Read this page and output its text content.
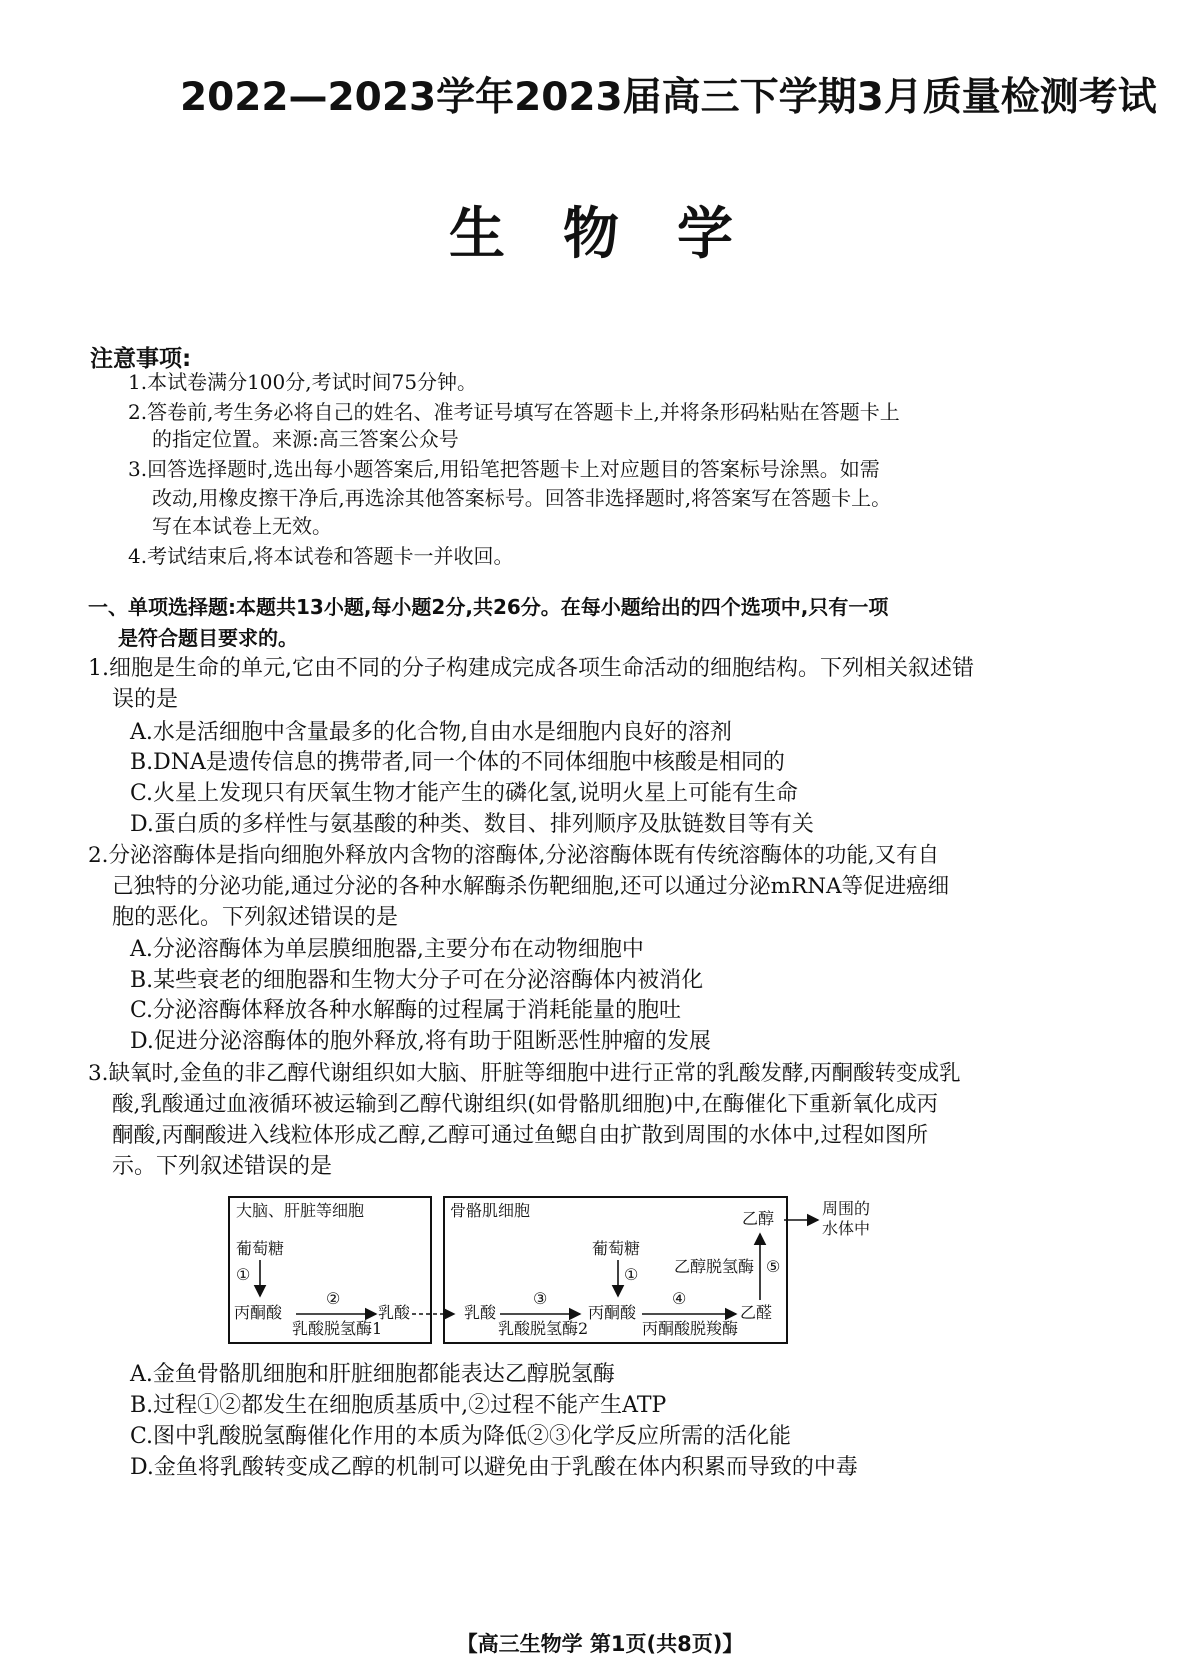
2022—2023学年2023届高三下学期3月质量检测考试
生物学
注意事项:
1.本试卷满分100分,考试时间75分钟。
2.答卷前,考生务必将自己的姓名、准考证号填写在答题卡上,并将条形码粘贴在答题卡上
的指定位置。来源:高三答案公众号
3.回答选择题时,选出每小题答案后,用铅笔把答题卡上对应题目的答案标号涂黑。如需
改动,用橡皮擦干净后,再选涂其他答案标号。回答非选择题时,将答案写在答题卡上。
写在本试卷上无效。
4.考试结束后,将本试卷和答题卡一并收回。
一、单项选择题:本题共13小题,每小题2分,共26分。在每小题给出的四个选项中,只有一项
是符合题目要求的。
1.细胞是生命的单元,它由不同的分子构建成完成各项生命活动的细胞结构。下列相关叙述错
误的是
A.水是活细胞中含量最多的化合物,自由水是细胞内良好的溶剂
B.DNA是遗传信息的携带者,同一个体的不同体细胞中核酸是相同的
C.火星上发现只有厌氧生物才能产生的磷化氢,说明火星上可能有生命
D.蛋白质的多样性与氨基酸的种类、数目、排列顺序及肽链数目等有关
2.分泌溶酶体是指向细胞外释放内含物的溶酶体,分泌溶酶体既有传统溶酶体的功能,又有自
己独特的分泌功能,通过分泌的各种水解酶杀伤靶细胞,还可以通过分泌mRNA等促进癌细
胞的恶化。下列叙述错误的是
A.分泌溶酶体为单层膜细胞器,主要分布在动物细胞中
B.某些衰老的细胞器和生物大分子可在分泌溶酶体内被消化
C.分泌溶酶体释放各种水解酶的过程属于消耗能量的胞吐
D.促进分泌溶酶体的胞外释放,将有助于阻断恶性肿瘤的发展
3.缺氧时,金鱼的非乙醇代谢组织如大脑、肝脏等细胞中进行正常的乳酸发酵,丙酮酸转变成乳
酸,乳酸通过血液循环被运输到乙醇代谢组织(如骨骼肌细胞)中,在酶催化下重新氧化成丙
酮酸,丙酮酸进入线粒体形成乙醇,乙醇可通过鱼鳃自由扩散到周围的水体中,过程如图所
示。下列叙述错误的是
大脑、肝脏等细胞	骨骼肌细胞
葡萄糖
①
丙酮酸
②
乳酸脱氢酶1
乳酸	乳酸
③
乳酸脱氢酶2
葡萄糖
①
丙酮酸
④
丙酮酸脱羧酶
乙醛
乙醇脱氢酶 ⑤
乙醇
周围的
水体中
A.金鱼骨骼肌细胞和肝脏细胞都能表达乙醇脱氢酶
B.过程①②都发生在细胞质基质中,②过程不能产生ATP
C.图中乳酸脱氢酶催化作用的本质为降低②③化学反应所需的活化能
D.金鱼将乳酸转变成乙醇的机制可以避免由于乳酸在体内积累而导致的中毒
【高三生物学 第1页(共8页)】
